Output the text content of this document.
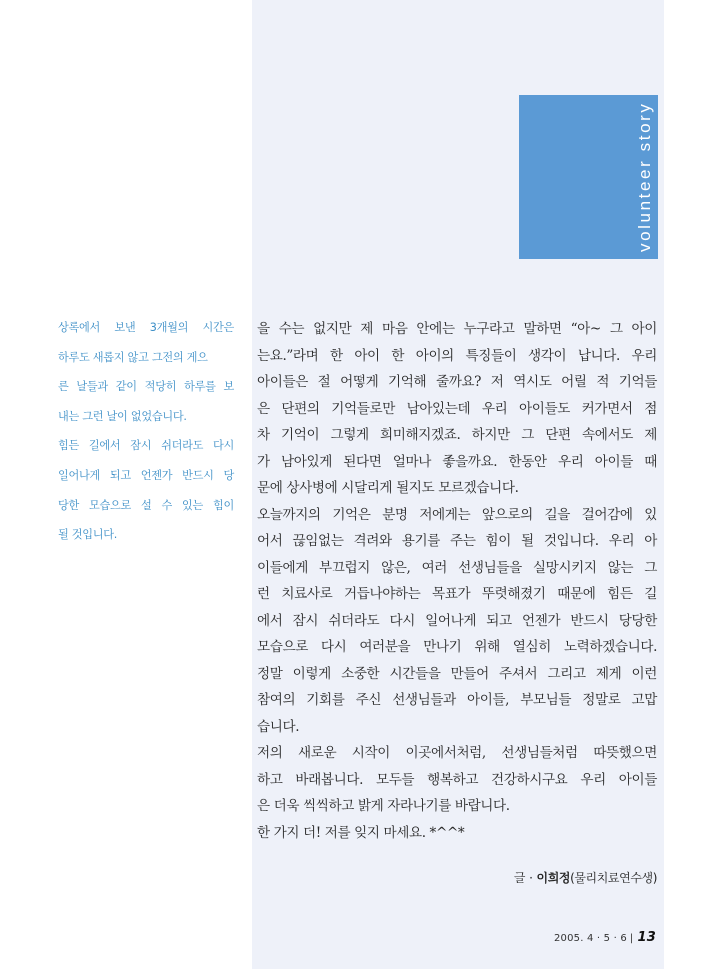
volunteer story
상록에서 보낸 3개월의 시간은
하루도 새롭지 않고 그전의 게으
른 날들과 같이 적당히 하루를 보
내는 그런 날이 없었습니다.
힘든 길에서 잠시 쉬더라도 다시
일어나게 되고 언젠가 반드시 당
당한 모습으로 설 수 있는 힘이
될 것입니다.
을 수는 없지만 제 마음 안에는 누구라고 말하면 “아~ 그 아이
는요.”라며 한 아이 한 아이의 특징들이 생각이 납니다. 우리
아이들은 절 어떻게 기억해 줄까요? 저 역시도 어릴 적 기억들
은 단편의 기억들로만 남아있는데 우리 아이들도 커가면서 점
차 기억이 그렇게 희미해지겠죠. 하지만 그 단편 속에서도 제
가 남아있게 된다면 얼마나 좋을까요. 한동안 우리 아이들 때
문에 상사병에 시달리게 될지도 모르겠습니다.
오늘까지의 기억은 분명 저에게는 앞으로의 길을 걸어감에 있
어서 끊임없는 격려와 용기를 주는 힘이 될 것입니다. 우리 아
이들에게 부끄럽지 않은, 여러 선생님들을 실망시키지 않는 그
런 치료사로 거듭나야하는 목표가 뚜렷해졌기 때문에 힘든 길
에서 잠시 쉬더라도 다시 일어나게 되고 언젠가 반드시 당당한
모습으로 다시 여러분을 만나기 위해 열심히 노력하겠습니다.
정말 이렇게 소중한 시간들을 만들어 주셔서 그리고 제게 이런
참여의 기회를 주신 선생님들과 아이들, 부모님들 정말로 고맙
습니다.
저의 새로운 시작이 이곳에서처럼, 선생님들처럼 따뜻했으면
하고 바래봅니다. 모두들 행복하고 건강하시구요 우리 아이들
은 더욱 씩씩하고 밝게 자라나기를 바랍니다.
한 가지 더! 저를 잊지 마세요. *^^*
글 · 이희정(물리치료연수생)
2005. 4 · 5 · 6 | 13
